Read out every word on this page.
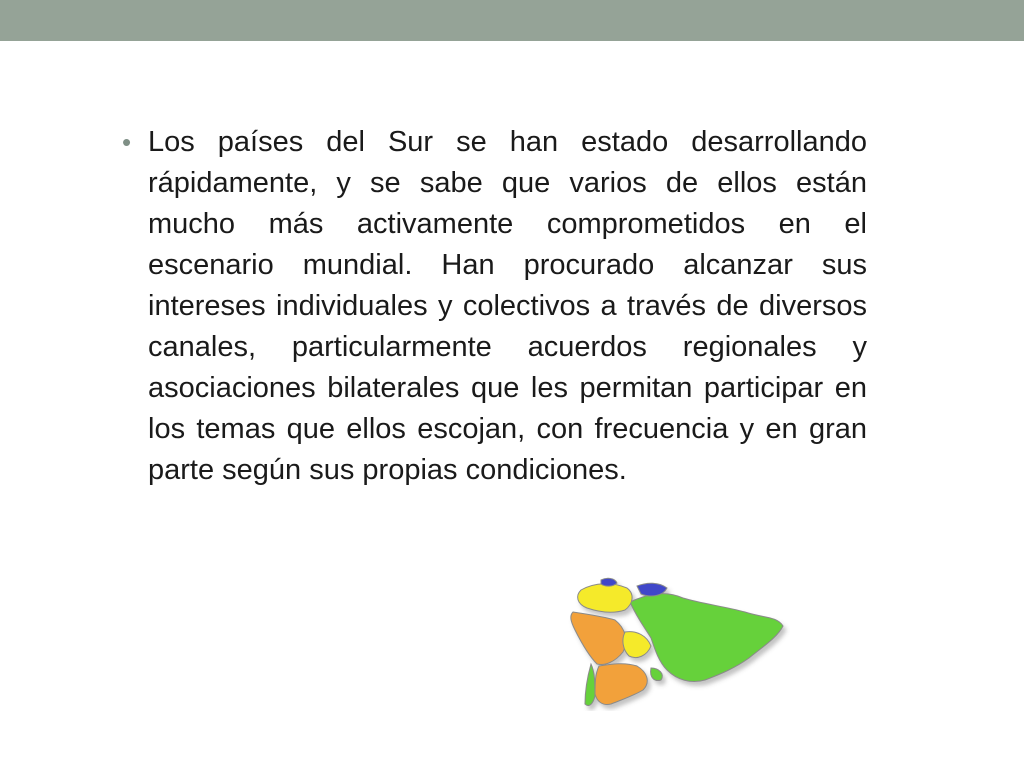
• Los países del Sur se han estado desarrollando rápidamente, y se sabe que varios de ellos están mucho más activamente comprometidos en el escenario mundial. Han procurado alcanzar sus intereses individuales y colectivos a través de diversos canales, particularmente acuerdos regionales y asociaciones bilaterales que les permitan participar en los temas que ellos escojan, con frecuencia y en gran parte según sus propias condiciones.
